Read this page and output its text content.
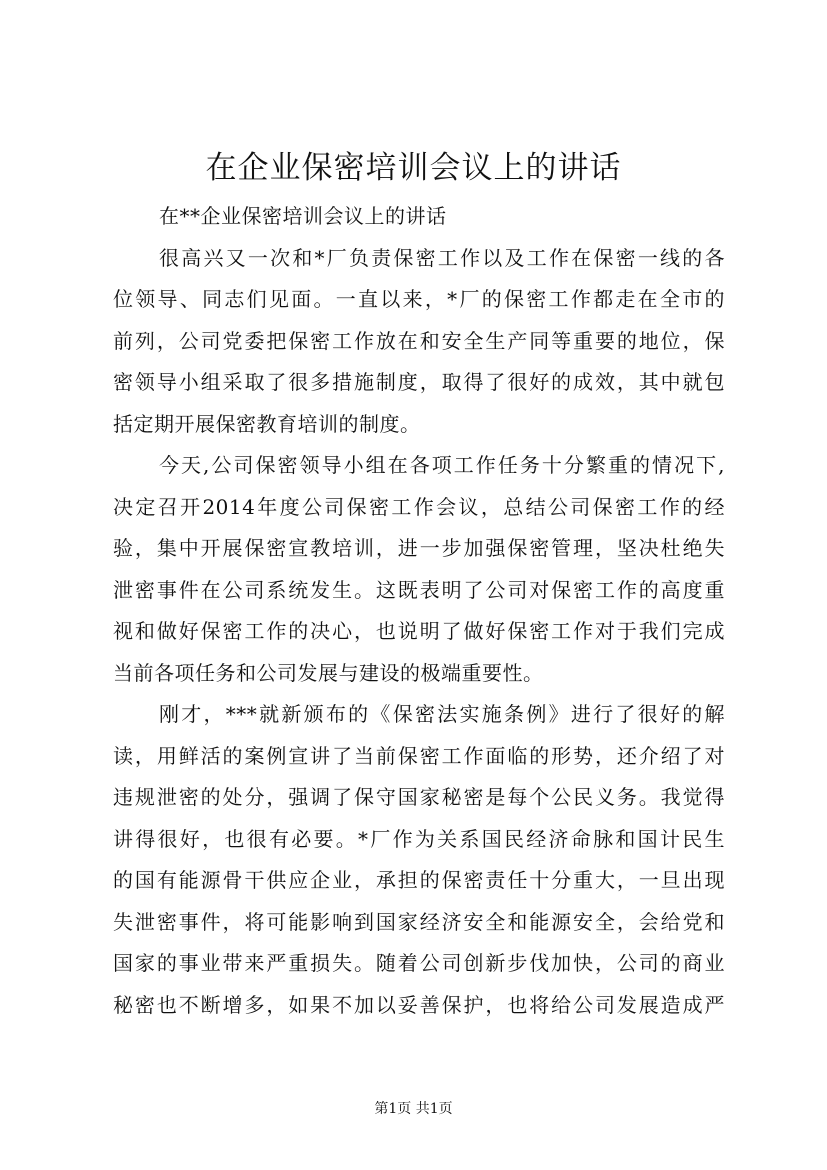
在企业保密培训会议上的讲话
在**企业保密培训会议上的讲话
很高兴又一次和*厂负责保密工作以及工作在保密一线的各
位领导、同志们见面。一直以来，*厂的保密工作都走在全市的
前列，公司党委把保密工作放在和安全生产同等重要的地位，保
密领导小组采取了很多措施制度，取得了很好的成效，其中就包
括定期开展保密教育培训的制度。
今天,公司保密领导小组在各项工作任务十分繁重的情况下,
决定召开2014年度公司保密工作会议，总结公司保密工作的经
验，集中开展保密宣教培训，进一步加强保密管理，坚决杜绝失
泄密事件在公司系统发生。这既表明了公司对保密工作的高度重
视和做好保密工作的决心，也说明了做好保密工作对于我们完成
当前各项任务和公司发展与建设的极端重要性。
刚才，***就新颁布的《保密法实施条例》进行了很好的解
读，用鲜活的案例宣讲了当前保密工作面临的形势，还介绍了对
违规泄密的处分，强调了保守国家秘密是每个公民义务。我觉得
讲得很好，也很有必要。*厂作为关系国民经济命脉和国计民生
的国有能源骨干供应企业，承担的保密责任十分重大，一旦出现
失泄密事件，将可能影响到国家经济安全和能源安全，会给党和
国家的事业带来严重损失。随着公司创新步伐加快，公司的商业
秘密也不断增多，如果不加以妥善保护，也将给公司发展造成严
第1页 共1页
